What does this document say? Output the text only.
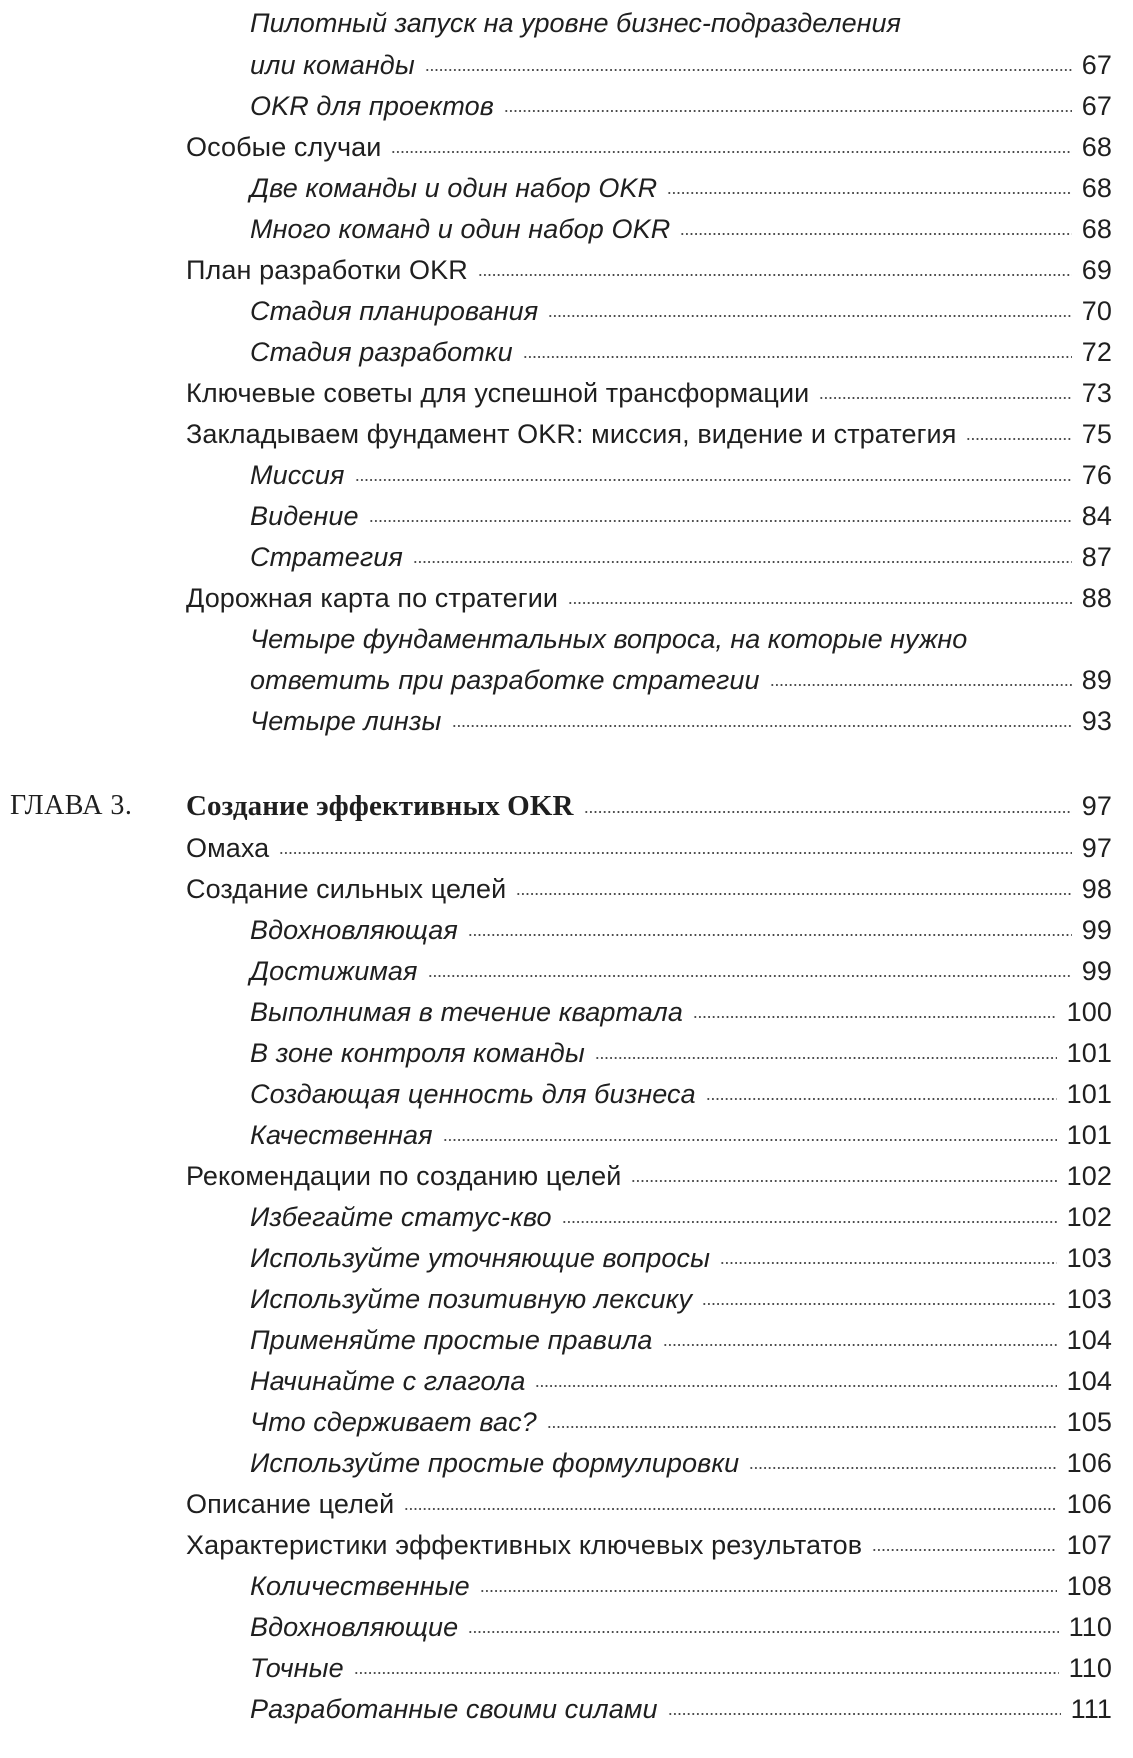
Пилотный запуск на уровне бизнес-подразделения
или команды	67
OKR для проектов	67
Особые случаи	68
Две команды и один набор OKR	68
Много команд и один набор OKR	68
План разработки OKR	69
Стадия планирования	70
Стадия разработки	72
Ключевые советы для успешной трансформации	73
Закладываем фундамент OKR: миссия, видение и стратегия	75
Миссия	76
Видение	84
Стратегия	87
Дорожная карта по стратегии	88
Четыре фундаментальных вопроса, на которые нужно
ответить при разработке стратегии	89
Четыре линзы	93
ГЛАВА 3. Создание эффективных OKR	97
Омаха	97
Создание сильных целей	98
Вдохновляющая	99
Достижимая	99
Выполнимая в течение квартала	100
В зоне контроля команды	101
Создающая ценность для бизнеса	101
Качественная	101
Рекомендации по созданию целей	102
Избегайте статус-кво	102
Используйте уточняющие вопросы	103
Используйте позитивную лексику	103
Применяйте простые правила	104
Начинайте с глагола	104
Что сдерживает вас?	105
Используйте простые формулировки	106
Описание целей	106
Характеристики эффективных ключевых результатов	107
Количественные	108
Вдохновляющие	110
Точные	110
Разработанные своими силами	111
